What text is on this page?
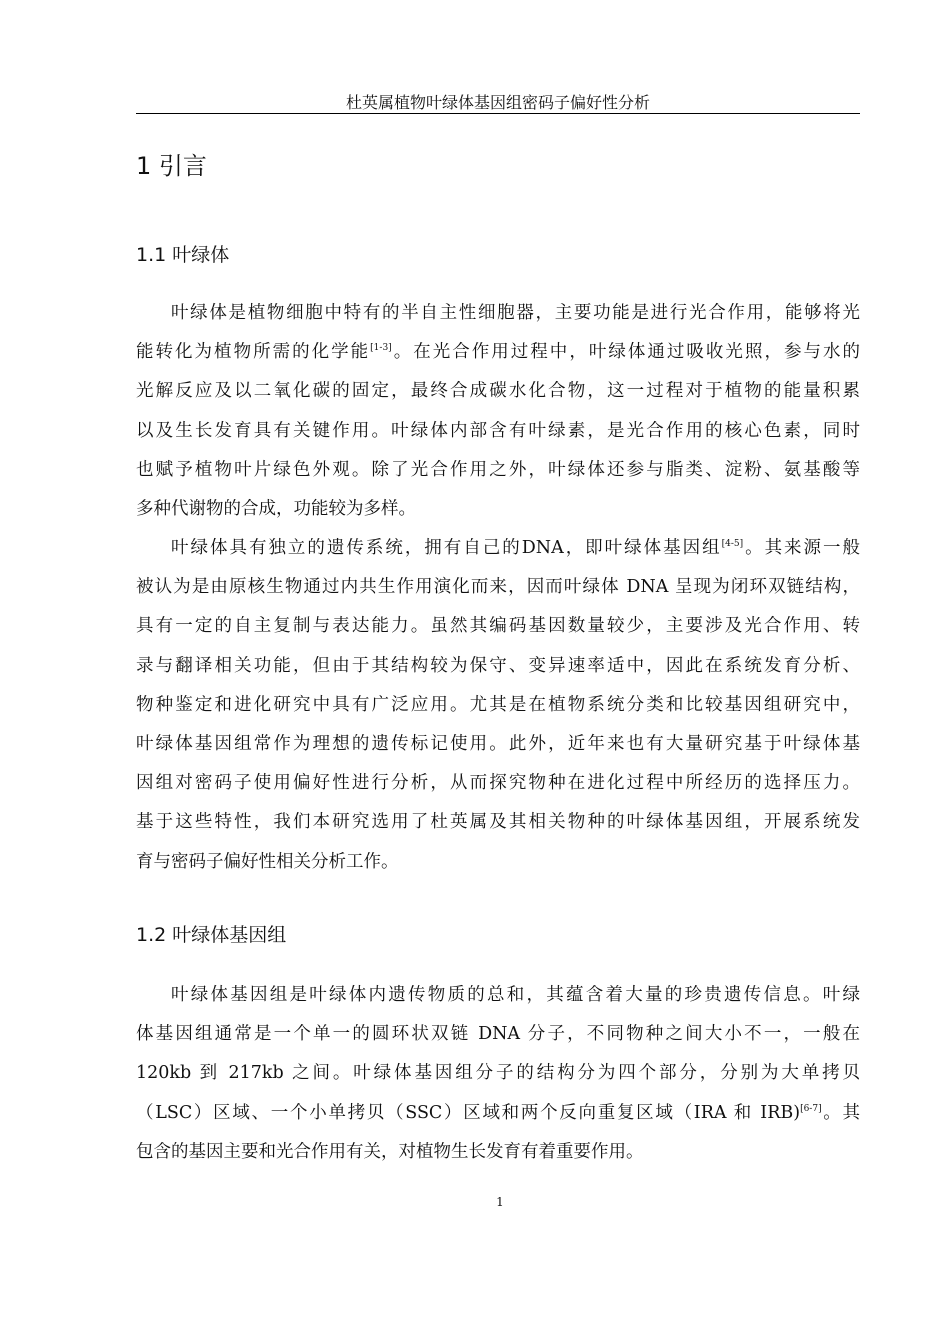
杜英属植物叶绿体基因组密码子偏好性分析
1 引言
1.1 叶绿体
叶绿体是植物细胞中特有的半自主性细胞器，主要功能是进行光合作用，能够将光
能转化为植物所需的化学能[1-3]。在光合作用过程中，叶绿体通过吸收光照，参与水的
光解反应及以二氧化碳的固定，最终合成碳水化合物，这一过程对于植物的能量积累
以及生长发育具有关键作用。叶绿体内部含有叶绿素，是光合作用的核心色素，同时
也赋予植物叶片绿色外观。除了光合作用之外，叶绿体还参与脂类、淀粉、氨基酸等
多种代谢物的合成，功能较为多样。
叶绿体具有独立的遗传系统，拥有自己的DNA，即叶绿体基因组[4-5]。其来源一般
被认为是由原核生物通过内共生作用演化而来，因而叶绿体 DNA 呈现为闭环双链结构，
具有一定的自主复制与表达能力。虽然其编码基因数量较少，主要涉及光合作用、转
录与翻译相关功能，但由于其结构较为保守、变异速率适中，因此在系统发育分析、
物种鉴定和进化研究中具有广泛应用。尤其是在植物系统分类和比较基因组研究中，
叶绿体基因组常作为理想的遗传标记使用。此外，近年来也有大量研究基于叶绿体基
因组对密码子使用偏好性进行分析，从而探究物种在进化过程中所经历的选择压力。
基于这些特性，我们本研究选用了杜英属及其相关物种的叶绿体基因组，开展系统发
育与密码子偏好性相关分析工作。
1.2 叶绿体基因组
叶绿体基因组是叶绿体内遗传物质的总和，其蕴含着大量的珍贵遗传信息。叶绿
体基因组通常是一个单一的圆环状双链 DNA 分子，不同物种之间大小不一，一般在
120kb 到 217kb 之间。叶绿体基因组分子的结构分为四个部分，分别为大单拷贝
（LSC）区域、一个小单拷贝（SSC）区域和两个反向重复区域（IRA 和 IRB)[6-7]。其
包含的基因主要和光合作用有关，对植物生长发育有着重要作用。
1
